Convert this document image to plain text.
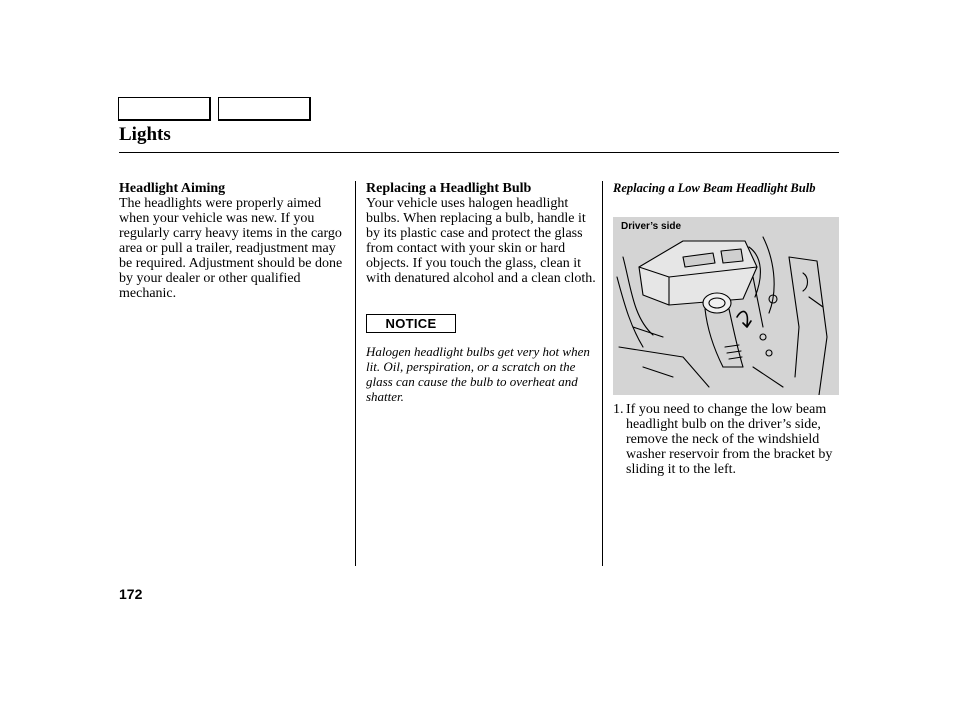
Lights
Headlight Aiming

The headlights were properly aimed when your vehicle was new. If you regularly carry heavy items in the cargo area or pull a trailer, readjustment may be required. Adjustment should be done by your dealer or other qualified mechanic.

Replacing a Headlight Bulb

Your vehicle uses halogen headlight bulbs. When replacing a bulb, handle it by its plastic case and protect the glass from contact with your skin or hard objects. If you touch the glass, clean it with denatured alcohol and a clean cloth.

NOTICE
Halogen headlight bulbs get very hot when lit. Oil, perspiration, or a scratch on the glass can cause the bulb to overheat and shatter.

Replacing a Low Beam Headlight Bulb

Driver’s side
1. If you need to change the low beam headlight bulb on the driver’s side, remove the neck of the windshield washer reservoir from the bracket by sliding it to the left.
172
